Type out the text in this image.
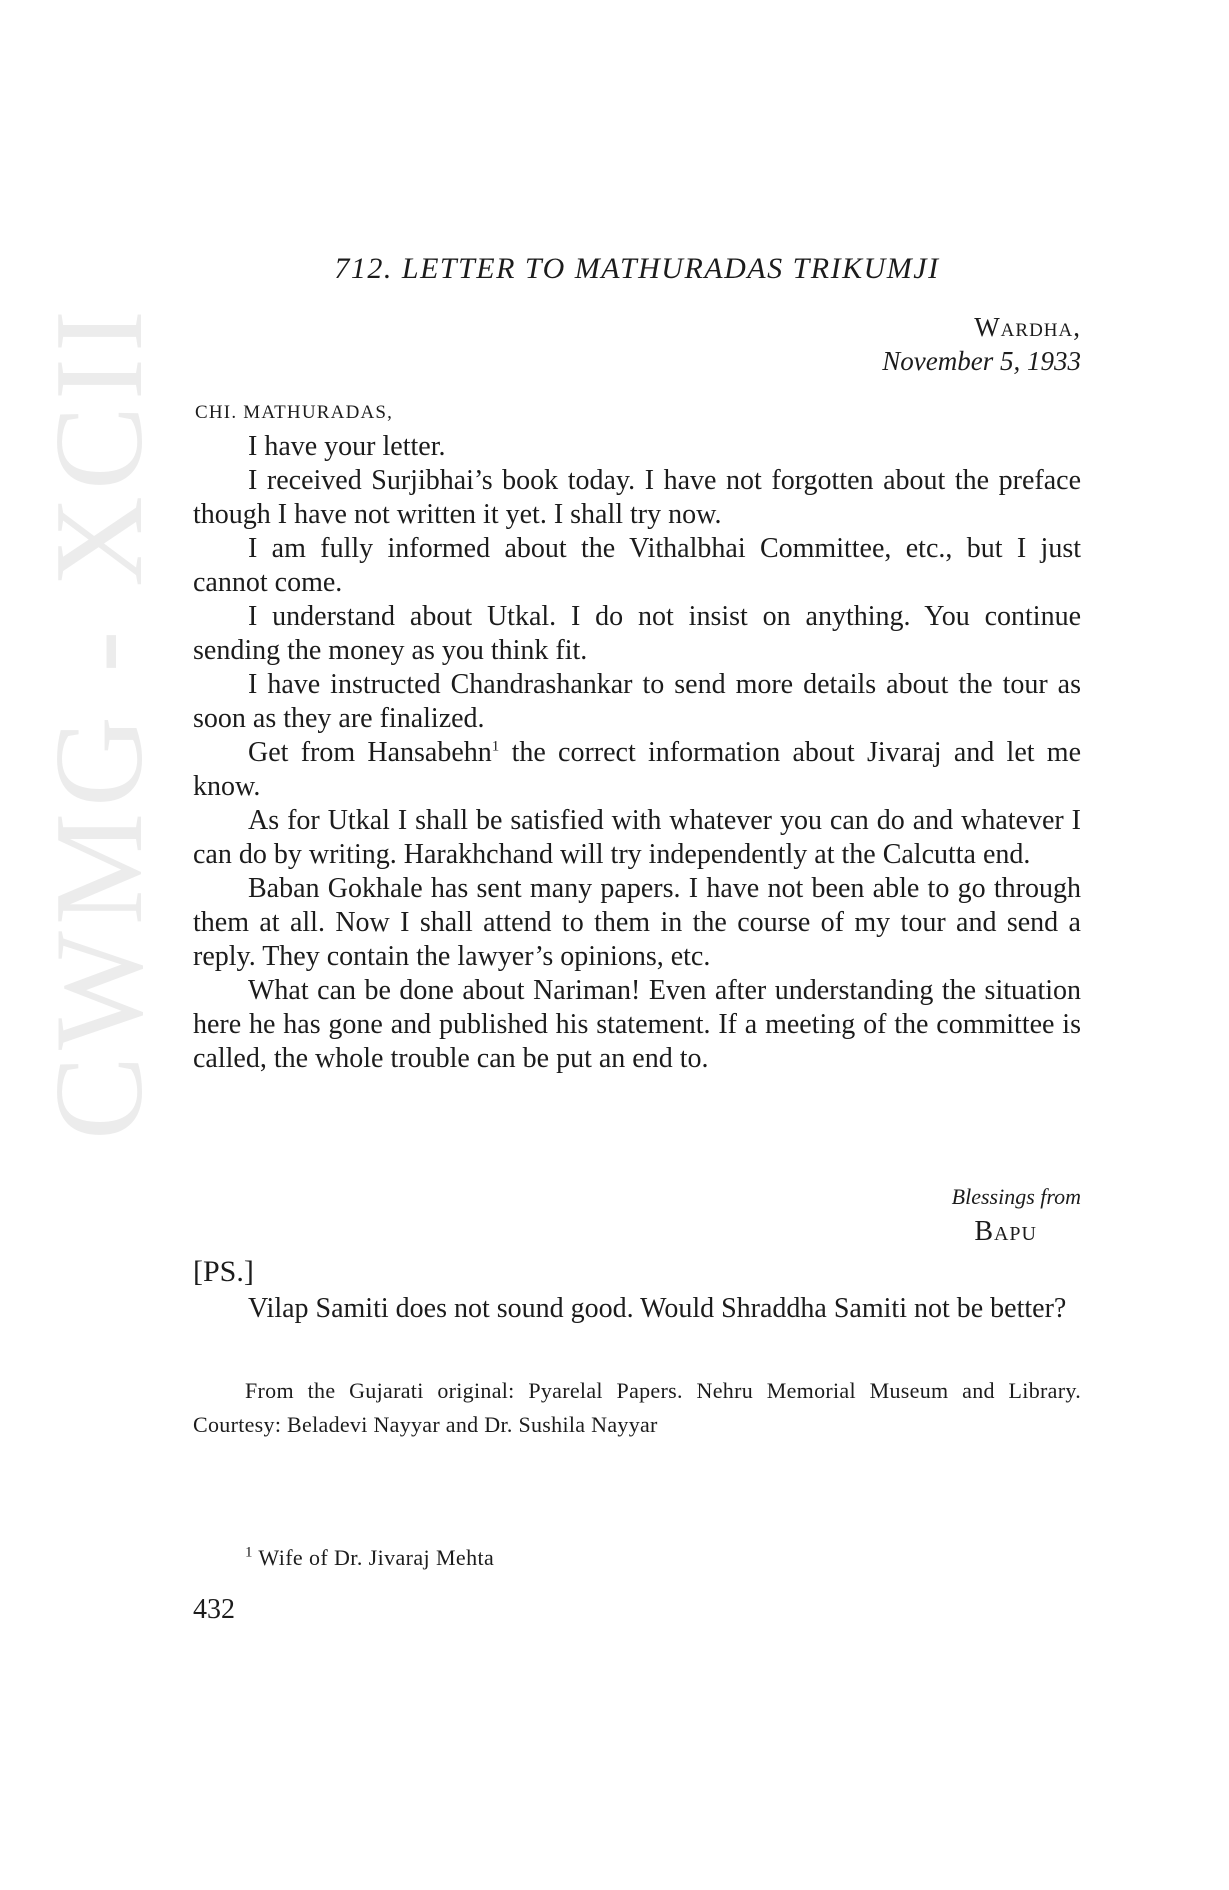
CWMG - XCII
712. LETTER TO MATHURADAS TRIKUMJI
Wardha,
November 5, 1933
CHI. MATHURADAS,

I have your letter.

I received Surjibhai’s book today. I have not forgotten about the preface though I have not written it yet. I shall try now.

I am fully informed about the Vithalbhai Committee, etc., but I just cannot come.

I understand about Utkal. I do not insist on anything. You continue sending the money as you think fit.

I have instructed Chandrashankar to send more details about the tour as soon as they are finalized.

Get from Hansabehn$^1$ the correct information about Jivaraj and let me know.

As for Utkal I shall be satisfied with whatever you can do and whatever I can do by writing. Harakhchand will try independently at the Calcutta end.

Baban Gokhale has sent many papers. I have not been able to go through them at all. Now I shall attend to them in the course of my tour and send a reply. They contain the lawyer’s opinions, etc.

What can be done about Nariman! Even after understanding the situation here he has gone and published his statement. If a meeting of the committee is called, the whole trouble can be put an end to.

Blessings from
Bapu
[PS.]

Vilap Samiti does not sound good. Would Shraddha Samiti not be better?

From the Gujarati original: Pyarelal Papers. Nehru Memorial Museum and Library. Courtesy: Beladevi Nayyar and Dr. Sushila Nayyar

$^1$ Wife of Dr. Jivaraj Mehta
432
